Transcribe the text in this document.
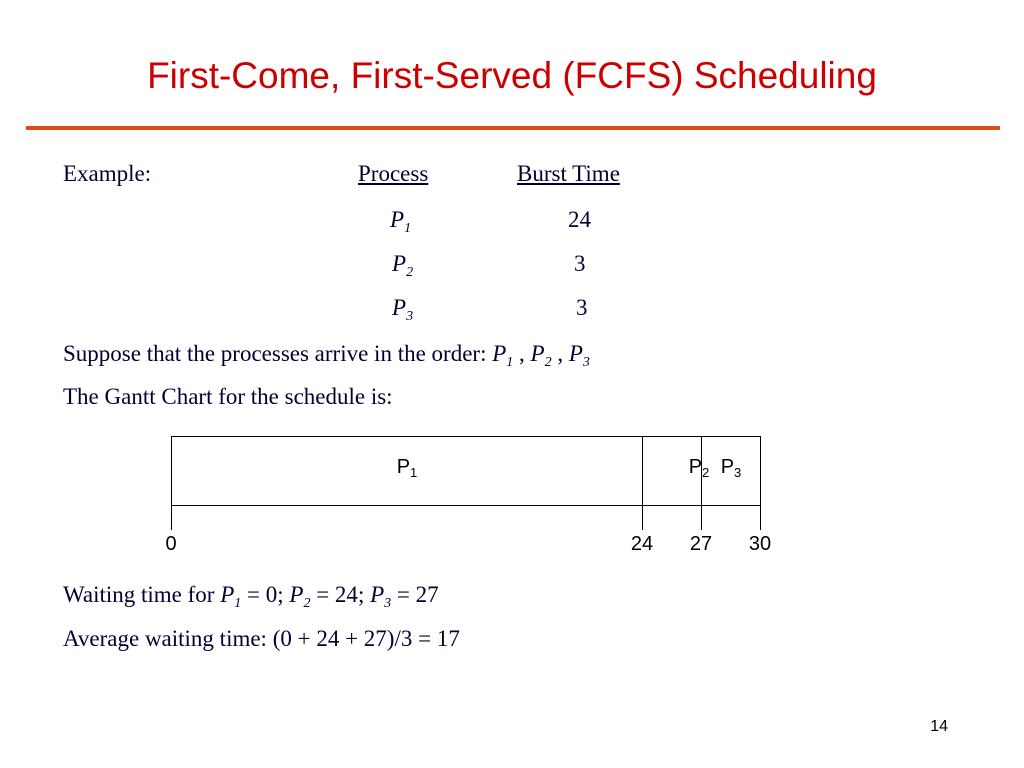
First-Come, First-Served (FCFS) Scheduling
Example:	Process	Burst Time
$P_1$	24
$P_2$	3
$P_3$	3
Suppose that the processes arrive in the order: $P_1$ , $P_2$ , $P_3$
The Gantt Chart for the schedule is:
$P_1$	$P_2$ $P_3$
0	24 27 30
Waiting time for $P_1 = 0$; $P_2 = 24$; $P_3 = 27$
Average waiting time: (0 + 24 + 27)/3 = 17
14
